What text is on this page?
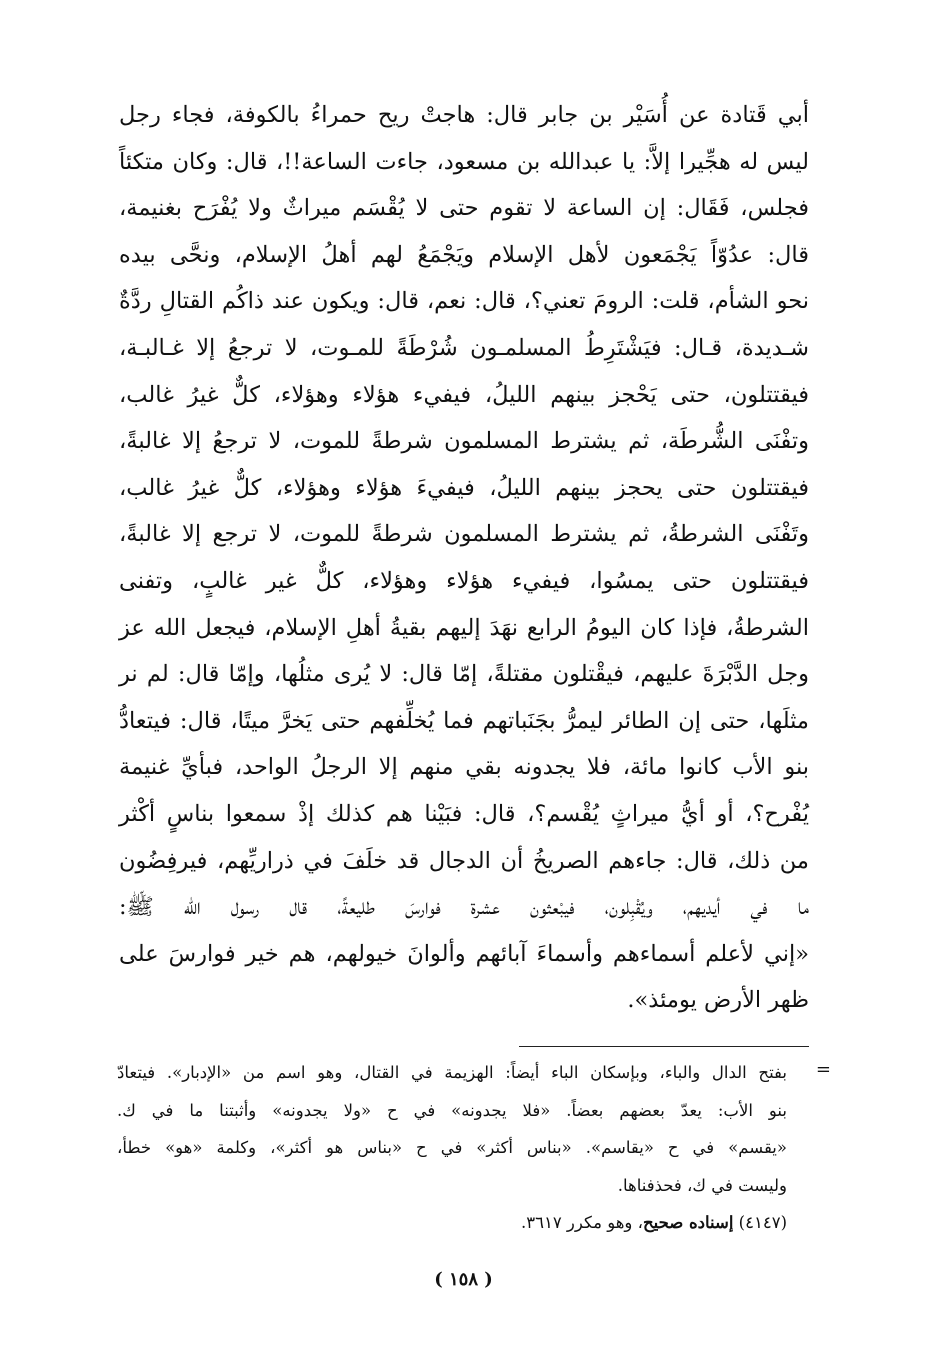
أبي قَتادة عن أُسَيْر بن جابر قال: هاجتْ ريح حمراءُ بالكوفة، فجاء رجل
ليس له هجِّيرا إلاَّ: يا عبدالله بن مسعود، جاءت الساعة!!، قال: وكان متكئاً
فجلس، فَقَال: إن الساعة لا تقوم حتى لا يُقْسَم ميراثٌ ولا يُفْرَح بغنيمة،
قال: عدُوّاً يَجْمَعون لأهل الإسلام ويَجْمَعُ لهم أهلُ الإسلام، ونحَّى بيده
نحو الشأم، قلت: الرومَ تعني؟، قال: نعم، قال: ويكون عند ذاكُم القتالِ ردَّةٌ
شـديدة، قـال: فيَشْتَرِطُ المسلمـون شُرْطَةً للمـوت، لا ترجعُ إلا غـالبـة،
فيقتتلون، حتى يَحْجز بينهم الليلُ، فيفيء هؤلاء وهؤلاء، كلٌّ غيرُ غالب،
وتفْنَى الشُّرطَة، ثم يشترط المسلمون شرطةً للموت، لا ترجعُ إلا غالبةً،
فيقتتلون حتى يحجز بينهم الليلُ، فيفيءَ هؤلاء وهؤلاء، كلٌّ غيرُ غالب،
وتَفْنَى الشرطةُ، ثم يشترط المسلمون شرطةً للموت، لا ترجع إلا غالبةً،
فيقتتلون حتى يمسُوا، فيفيء هؤلاء وهؤلاء، كلٌّ غير غالبٍ، وتفنى
الشرطةُ، فإذا كان اليومُ الرابع نهَدَ إليهم بقيةُ أهلِ الإسلام، فيجعل الله عز
وجل الدَّبْرَةَ عليهم، فيقْتلون مقتلةً، إمّا قال: لا يُرى مثلُها، وإمّا قال: لم نر
مثلَها، حتى إن الطائر ليمرُّ بجَنَباتهم فما يُخلِّفهم حتى يَخرَّ ميتًا، قال: فيتعادُّ
بنو الأب كانوا مائة، فلا يجدونه بقي منهم إلا الرجلُ الواحد، فبأيِّ غنيمة
يُفْرح؟، أو أيُّ ميراثٍ يُقْسم؟، قال: فبَيْنا هم كذلك إذْ سمعوا بناسٍ أكْثر
من ذلك، قال: جاءهم الصريخُ أن الدجال قد خلَفَ في ذراريِّهم، فيرفِضُون
ما في أيديهم، ويُقْبِلون، فيبْعثون عشرة فوارسَ طليعةً، قال رسول الله ﷺ:
«إني لأعلم أسماءهم وأسماءَ آبائهم وألوانَ خيولهم، هم خير فوارسَ على
ظهر الأرض يومئذ».
=
بفتح الدال والباء، وبإسكان الباء أيضاً: الهزيمة في القتال، وهو اسم من «الإدبار». فيتعادّ
بنو الأب: يعدّ بعضهم بعضاً. «فلا يجدونه» في ح «ولا يجدونه» وأثبتنا ما في ك.
«يقسم» في ح «يقاسم». «بناس أكثر» في ح «بناس هو أكثر»، وكلمة «هو» خطأ،
وليست في ك، فحذفناها.
(٤١٤٧) إسناده صحيح، وهو مكرر ٣٦١٧.
( ١٥٨ )
